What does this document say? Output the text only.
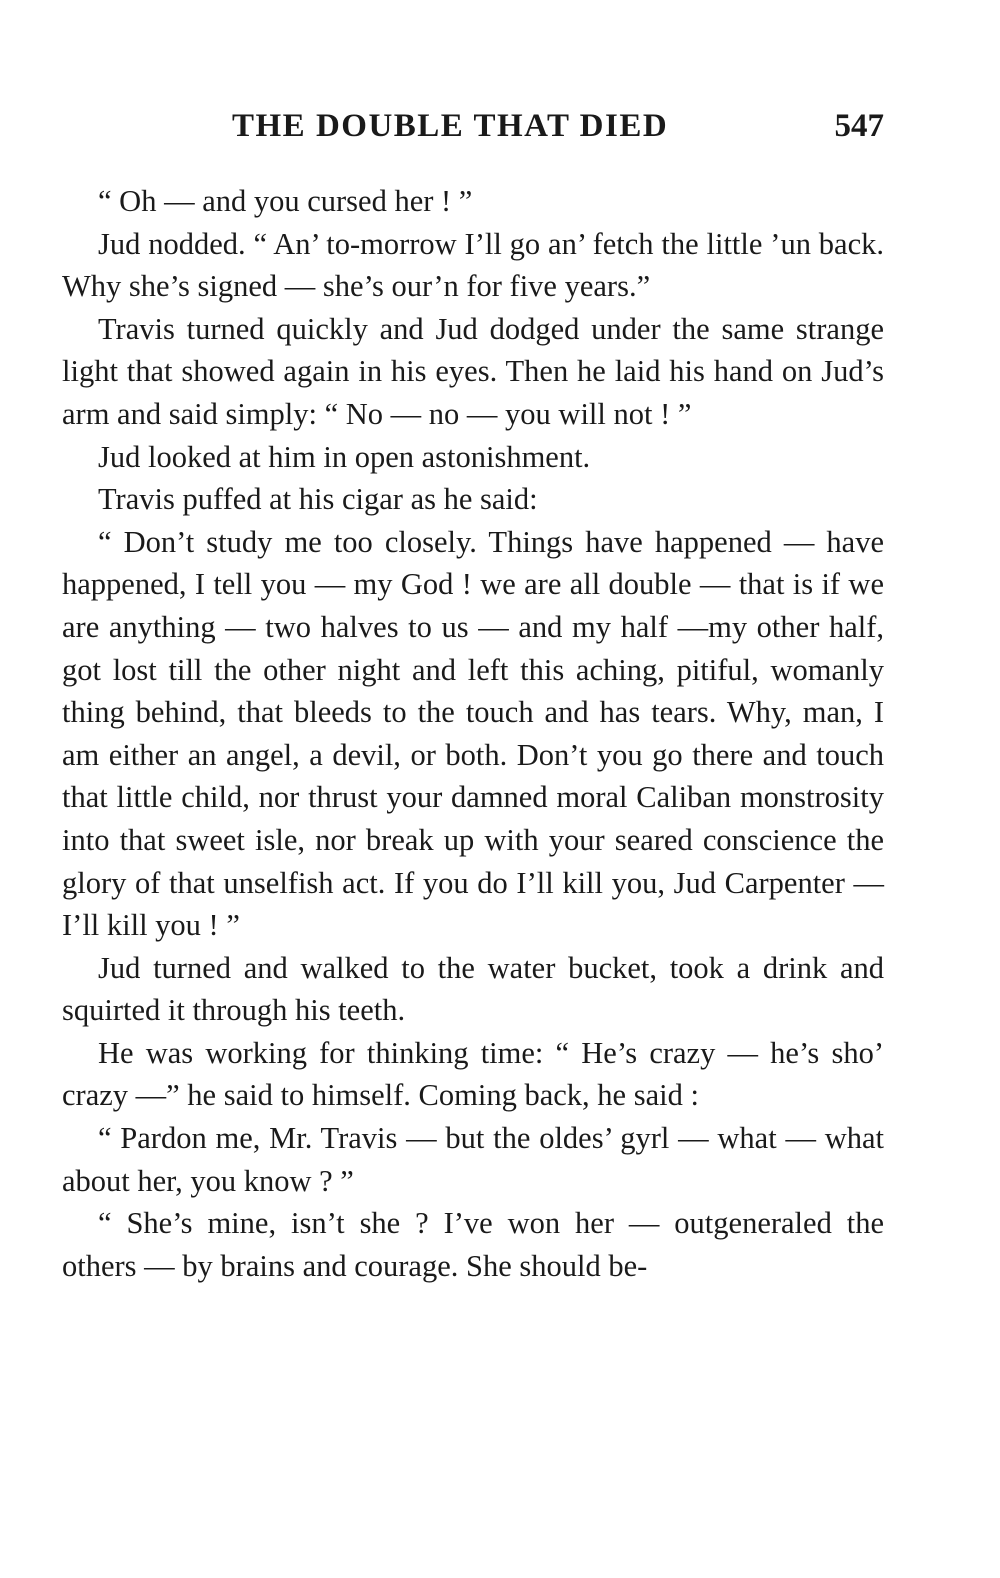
THE DOUBLE THAT DIED	547

“ Oh — and you cursed her ! ”

Jud nodded. “ An’ to-morrow I’ll go an’ fetch the little ’un back. Why she’s signed — she’s our’n for five years.”

Travis turned quickly and Jud dodged under the same strange light that showed again in his eyes. Then he laid his hand on Jud’s arm and said simply: “ No — no — you will not ! ”

Jud looked at him in open astonishment.

Travis puffed at his cigar as he said:

“ Don’t study me too closely. Things have happened — have happened, I tell you — my God ! we are all double — that is if we are anything — two halves to us — and my half —my other half, got lost till the other night and left this aching, pitiful, womanly thing behind, that bleeds to the touch and has tears. Why, man, I am either an angel, a devil, or both. Don’t you go there and touch that little child, nor thrust your damned moral Caliban monstrosity into that sweet isle, nor break up with your seared conscience the glory of that unselfish act. If you do I’ll kill you, Jud Carpenter — I’ll kill you ! ”

Jud turned and walked to the water bucket, took a drink and squirted it through his teeth.

He was working for thinking time: “ He’s crazy — he’s sho’ crazy —” he said to himself. Coming back, he said :

“ Pardon me, Mr. Travis — but the oldes’ gyrl — what — what about her, you know ? ”

“ She’s mine, isn’t she ? I’ve won her — outgeneraled the others — by brains and courage. She should be-
